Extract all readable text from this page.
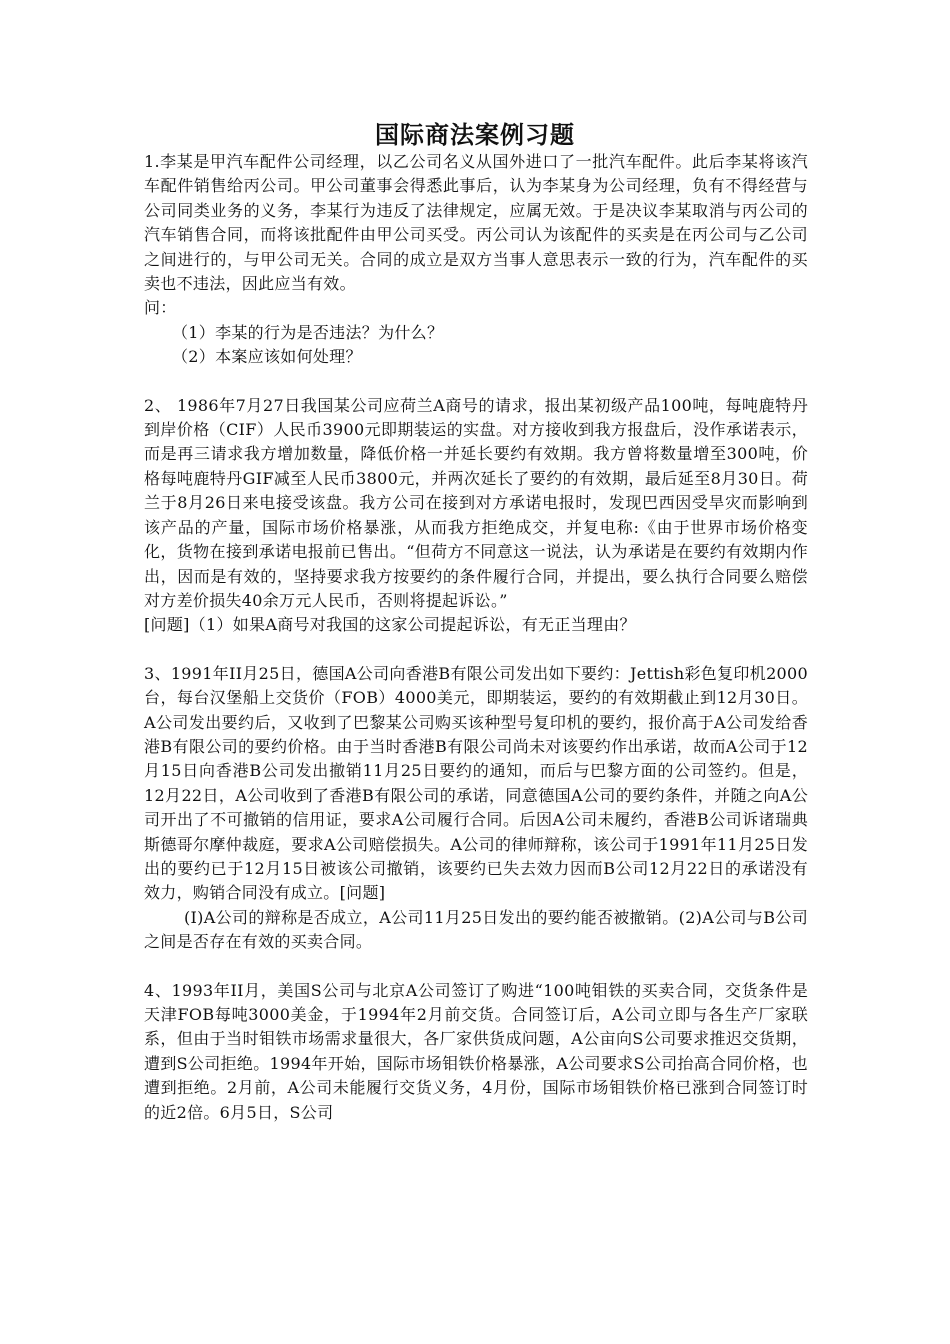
国际商法案例习题

1.李某是甲汽车配件公司经理，以乙公司名义从国外进口了一批汽车配件。此后李某将该汽车配件销售给丙公司。甲公司董事会得悉此事后，认为李某身为公司经理，负有不得经营与公司同类业务的义务，李某行为违反了法律规定，应属无效。于是决议李某取消与丙公司的汽车销售合同，而将该批配件由甲公司买受。丙公司认为该配件的买卖是在丙公司与乙公司之间进行的，与甲公司无关。合同的成立是双方当事人意思表示一致的行为，汽车配件的买卖也不违法，因此应当有效。

问：

（1）李某的行为是否违法？为什么？

（2）本案应该如何处理？

2、 1986年7月27日我国某公司应荷兰A商号的请求，报出某初级产品100吨，每吨鹿特丹到岸价格（CIF）人民币3900元即期装运的实盘。对方接收到我方报盘后，没作承诺表示，而是再三请求我方增加数量，降低价格一并延长要约有效期。我方曾将数量增至300吨，价格每吨鹿特丹GIF减至人民币3800元，并两次延长了要约的有效期，最后延至8月30日。荷兰于8月26日来电接受该盘。我方公司在接到对方承诺电报时，发现巴西因受旱灾而影响到该产品的产量，国际市场价格暴涨，从而我方拒绝成交，并复电称:《由于世界市场价格变化，货物在接到承诺电报前已售出。“但荷方不同意这一说法，认为承诺是在要约有效期内作出，因而是有效的，坚持要求我方按要约的条件履行合同，并提出，要么执行合同要么赔偿对方差价损失40余万元人民币，否则将提起诉讼。”

[问题]（1）如果A商号对我国的这家公司提起诉讼，有无正当理由？

3、1991年II月25日，德国A公司向香港B有限公司发出如下要约：Jettish彩色复印机2000台，每台汉堡船上交货价（FOB）4000美元，即期装运，要约的有效期截止到12月30日。A公司发出要约后，又收到了巴黎某公司购买该种型号复印机的要约，报价高于A公司发给香港B有限公司的要约价格。由于当时香港B有限公司尚未对该要约作出承诺，故而A公司于12月15日向香港B公司发出撤销11月25日要约的通知，而后与巴黎方面的公司签约。但是，12月22日，A公司收到了香港B有限公司的承诺，同意德国A公司的要约条件，并随之向A公司开出了不可撤销的信用证，要求A公司履行合同。后因A公司未履约，香港B公司诉诸瑞典斯德哥尔摩仲裁庭，要求A公司赔偿损失。A公司的律师辩称，该公司于1991年11月25日发出的要约已于12月15日被该公司撤销，该要约已失去效力因而B公司12月22日的承诺没有效力，购销合同没有成立。[问题]

(I)A公司的辩称是否成立，A公司11月25日发出的要约能否被撤销。(2)A公司与B公司之间是否存在有效的买卖合同。

4、1993年II月，美国S公司与北京A公司签订了购进“100吨钼铁的买卖合同，交货条件是天津FOB每吨3000美金，于1994年2月前交货。合同签订后，A公司立即与各生产厂家联系，但由于当时钼铁市场需求量很大，各厂家供货成问题，A公亩向S公司要求推迟交货期，遭到S公司拒绝。1994年开始，国际市场钼铁价格暴涨，A公司要求S公司抬高合同价格，也遭到拒绝。2月前，A公司未能履行交货义务，4月份，国际市场钼铁价格已涨到合同签订时的近2倍。6月5日，S公司
